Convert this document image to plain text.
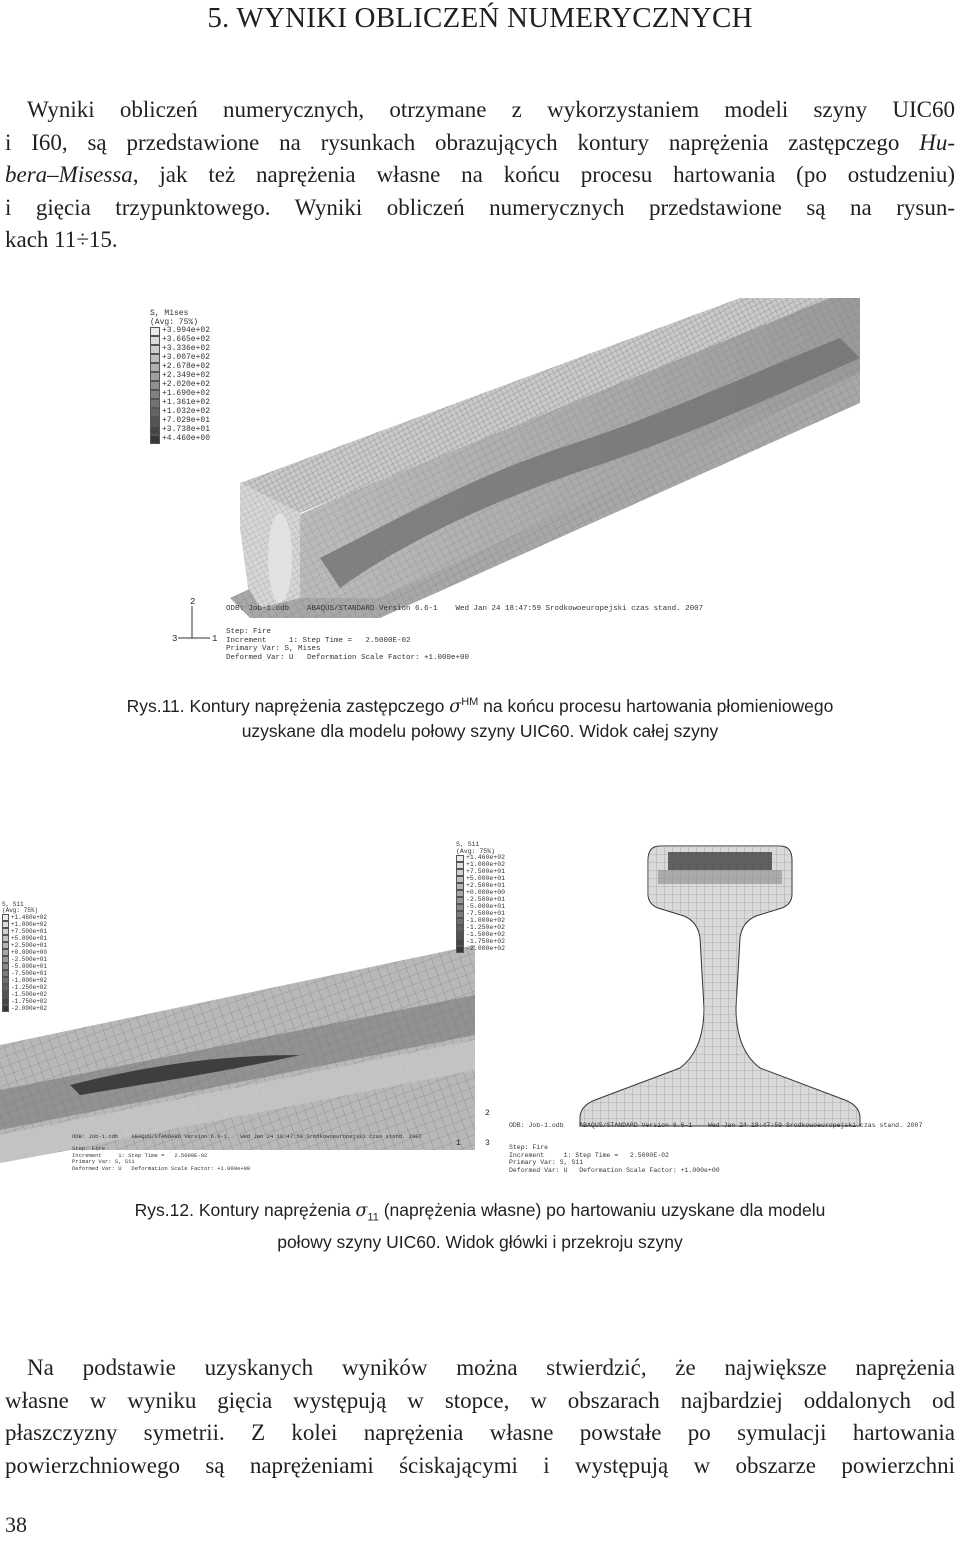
5. WYNIKI OBLICZEŃ NUMERYCZNYCH
Wyniki obliczeń numerycznych, otrzymane z wykorzystaniem modeli szyny UIC60
i I60, są przedstawione na rysunkach obrazujących kontury naprężenia zastępczego Hu-
bera–Misessa, jak też naprężenia własne na końcu procesu hartowania (po ostudzeniu)
i gięcia trzypunktowego. Wyniki obliczeń numerycznych przedstawione są na rysun-
kach 11÷15.
S, Mises
(Avg: 75%)
+3.994e+02
+3.665e+02
+3.336e+02
+3.007e+02
+2.678e+02
+2.349e+02
+2.020e+02
+1.690e+02
+1.361e+02
+1.032e+02
+7.029e+01
+3.738e+01
+4.460e+00
2
3	1
ODB: Job-1.odb    ABAQUS/STANDARD Version 6.6-1    Wed Jan 24 18:47:59 Srodkowoeuropejski czas stand. 2007
Step: Fire
Increment     1: Step Time =   2.5000E-02
Primary Var: S, Mises
Deformed Var: U   Deformation Scale Factor: +1.000e+00
Rys.11. Kontury naprężenia zastępczego $\sigma^{HM}$ na końcu procesu hartowania płomieniowego
uzyskane dla modelu połowy szyny UIC60. Widok całej szyny
S, S11
(Avg: 75%)
+1.460e+02
+1.000e+02
+7.500e+01
+5.000e+01
+2.500e+01
+0.000e+00
-2.500e+01
-5.000e+01
-7.500e+01
-1.000e+02
-1.250e+02
-1.500e+02
-1.750e+02
-2.000e+02
ODB: Job-1.odb    ABAQUS/STANDARD Version 6.6-1    Wed Jan 24 18:47:59 Srodkowoeuropejski czas stand. 2007
Step: Fire
Increment     1: Step Time =   2.5000E-02
Primary Var: S, S11
Deformed Var: U   Deformation Scale Factor: +1.000e+00
S, S11
(Avg: 75%)
+1.460e+02
+1.000e+02
+7.500e+01
+5.000e+01
+2.500e+01
+0.000e+00
-2.500e+01
-5.000e+01
-7.500e+01
-1.000e+02
-1.250e+02
-1.500e+02
-1.750e+02
-2.000e+02
2
1	3
ODB: Job-1.odb    ABAQUS/STANDARD Version 6.6-1    Wed Jan 24 18:47:59 Srodkowoeuropejski czas stand. 2007
Step: Fire
Increment     1: Step Time =   2.5000E-02
Primary Var: S, S11
Deformed Var: U   Deformation Scale Factor: +1.000e+00
Rys.12. Kontury naprężenia $\sigma_{11}$ (naprężenia własne) po hartowaniu uzyskane dla modelu
połowy szyny UIC60. Widok główki i przekroju szyny
Na podstawie uzyskanych wyników można stwierdzić, że największe naprężenia
własne w wyniku gięcia występują w stopce, w obszarach najbardziej oddalonych od
płaszczyzny symetrii. Z kolei naprężenia własne powstałe po symulacji hartowania
powierzchniowego są naprężeniami ściskającymi i występują w obszarze powierzchni
38
